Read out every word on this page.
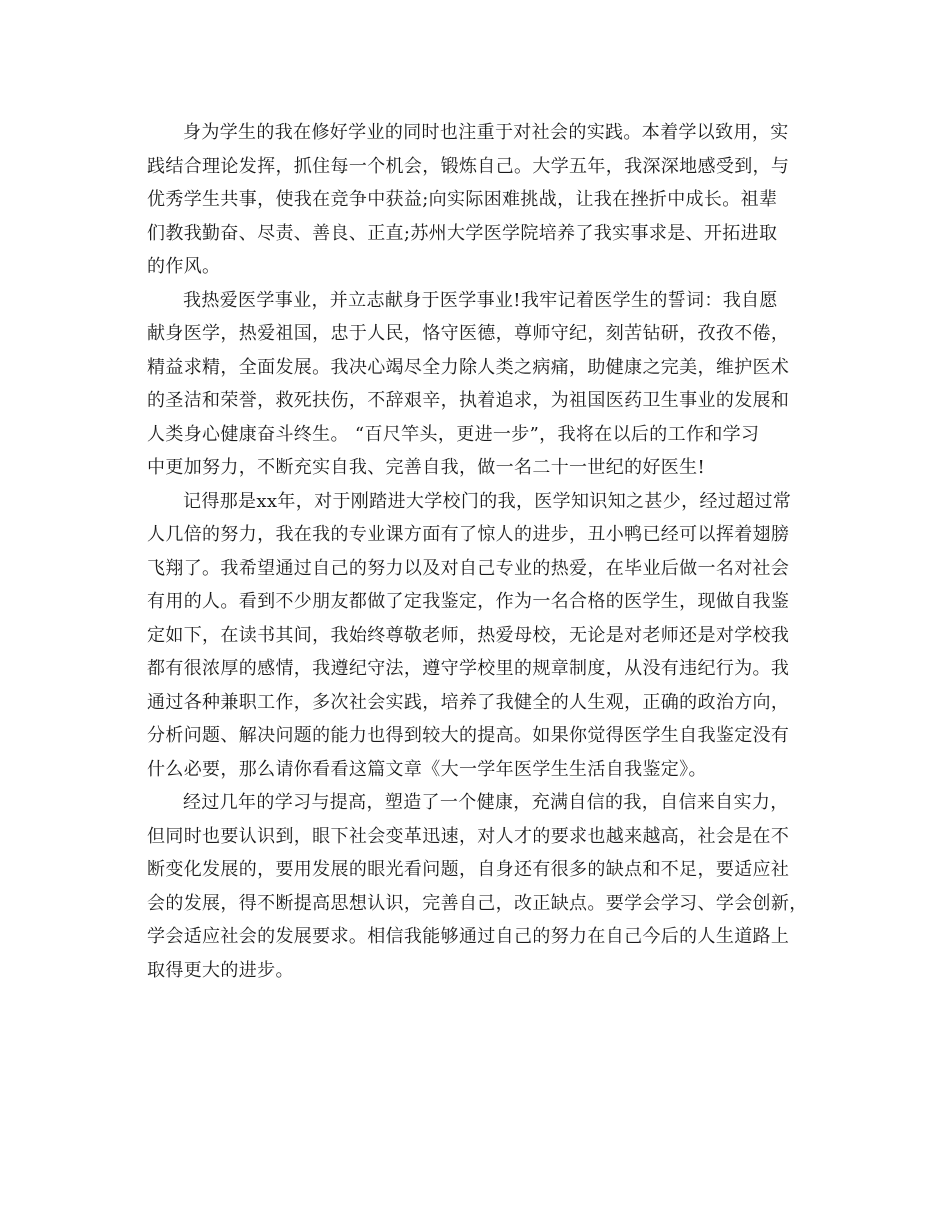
身为学生的我在修好学业的同时也注重于对社会的实践。本着学以致用，实
践结合理论发挥，抓住每一个机会，锻炼自己。大学五年，我深深地感受到，与
优秀学生共事，使我在竞争中获益;向实际困难挑战，让我在挫折中成长。祖辈
们教我勤奋、尽责、善良、正直;苏州大学医学院培养了我实事求是、开拓进取
的作风。
我热爱医学事业，并立志献身于医学事业!我牢记着医学生的誓词：我自愿
献身医学，热爱祖国，忠于人民，恪守医德，尊师守纪，刻苦钻研，孜孜不倦，
精益求精，全面发展。我决心竭尽全力除人类之病痛，助健康之完美，维护医术
的圣洁和荣誉，救死扶伤，不辞艰辛，执着追求，为祖国医药卫生事业的发展和
人类身心健康奋斗终生。 “百尺竿头，更进一步”，我将在以后的工作和学习
中更加努力，不断充实自我、完善自我，做一名二十一世纪的好医生!
记得那是xx年，对于刚踏进大学校门的我，医学知识知之甚少，经过超过常
人几倍的努力，我在我的专业课方面有了惊人的进步，丑小鸭已经可以挥着翅膀
飞翔了。我希望通过自己的努力以及对自己专业的热爱，在毕业后做一名对社会
有用的人。看到不少朋友都做了定我鉴定，作为一名合格的医学生，现做自我鉴
定如下，在读书其间，我始终尊敬老师，热爱母校，无论是对老师还是对学校我
都有很浓厚的感情，我遵纪守法，遵守学校里的规章制度，从没有违纪行为。我
通过各种兼职工作，多次社会实践，培养了我健全的人生观，正确的政治方向，
分析问题、解决问题的能力也得到较大的提高。如果你觉得医学生自我鉴定没有
什么必要，那么请你看看这篇文章《大一学年医学生生活自我鉴定》。
经过几年的学习与提高，塑造了一个健康，充满自信的我，自信来自实力，
但同时也要认识到，眼下社会变革迅速，对人才的要求也越来越高，社会是在不
断变化发展的，要用发展的眼光看问题，自身还有很多的缺点和不足，要适应社
会的发展，得不断提高思想认识，完善自己，改正缺点。要学会学习、学会创新，
学会适应社会的发展要求。相信我能够通过自己的努力在自己今后的人生道路上
取得更大的进步。
